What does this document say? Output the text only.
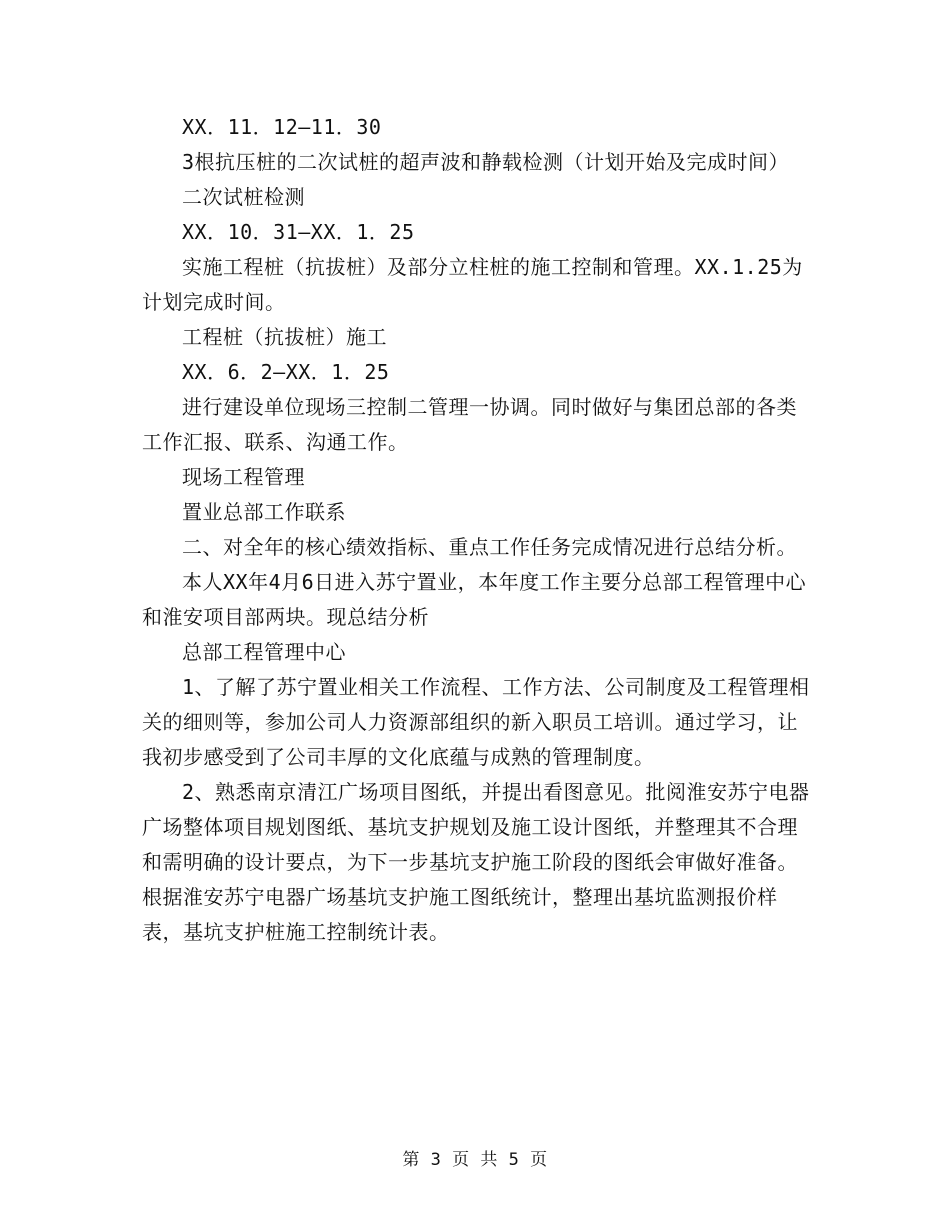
XX．11．12—11．30

3根抗压桩的二次试桩的超声波和静载检测（计划开始及完成时间）

二次试桩检测

XX．10．31—XX．1．25

实施工程桩（抗拔桩）及部分立柱桩的施工控制和管理。XX.1.25为计划完成时间。

工程桩（抗拔桩）施工

XX．6．2—XX．1．25

进行建设单位现场三控制二管理一协调。同时做好与集团总部的各类工作汇报、联系、沟通工作。

现场工程管理

置业总部工作联系

二、对全年的核心绩效指标、重点工作任务完成情况进行总结分析。

本人XX年4月6日进入苏宁置业，本年度工作主要分总部工程管理中心和淮安项目部两块。现总结分析

总部工程管理中心

1、了解了苏宁置业相关工作流程、工作方法、公司制度及工程管理相关的细则等，参加公司人力资源部组织的新入职员工培训。通过学习，让我初步感受到了公司丰厚的文化底蕴与成熟的管理制度。

2、熟悉南京清江广场项目图纸，并提出看图意见。批阅淮安苏宁电器广场整体项目规划图纸、基坑支护规划及施工设计图纸，并整理其不合理和需明确的设计要点，为下一步基坑支护施工阶段的图纸会审做好准备。根据淮安苏宁电器广场基坑支护施工图纸统计，整理出基坑监测报价样表，基坑支护桩施工控制统计表。

第 3 页 共 5 页
